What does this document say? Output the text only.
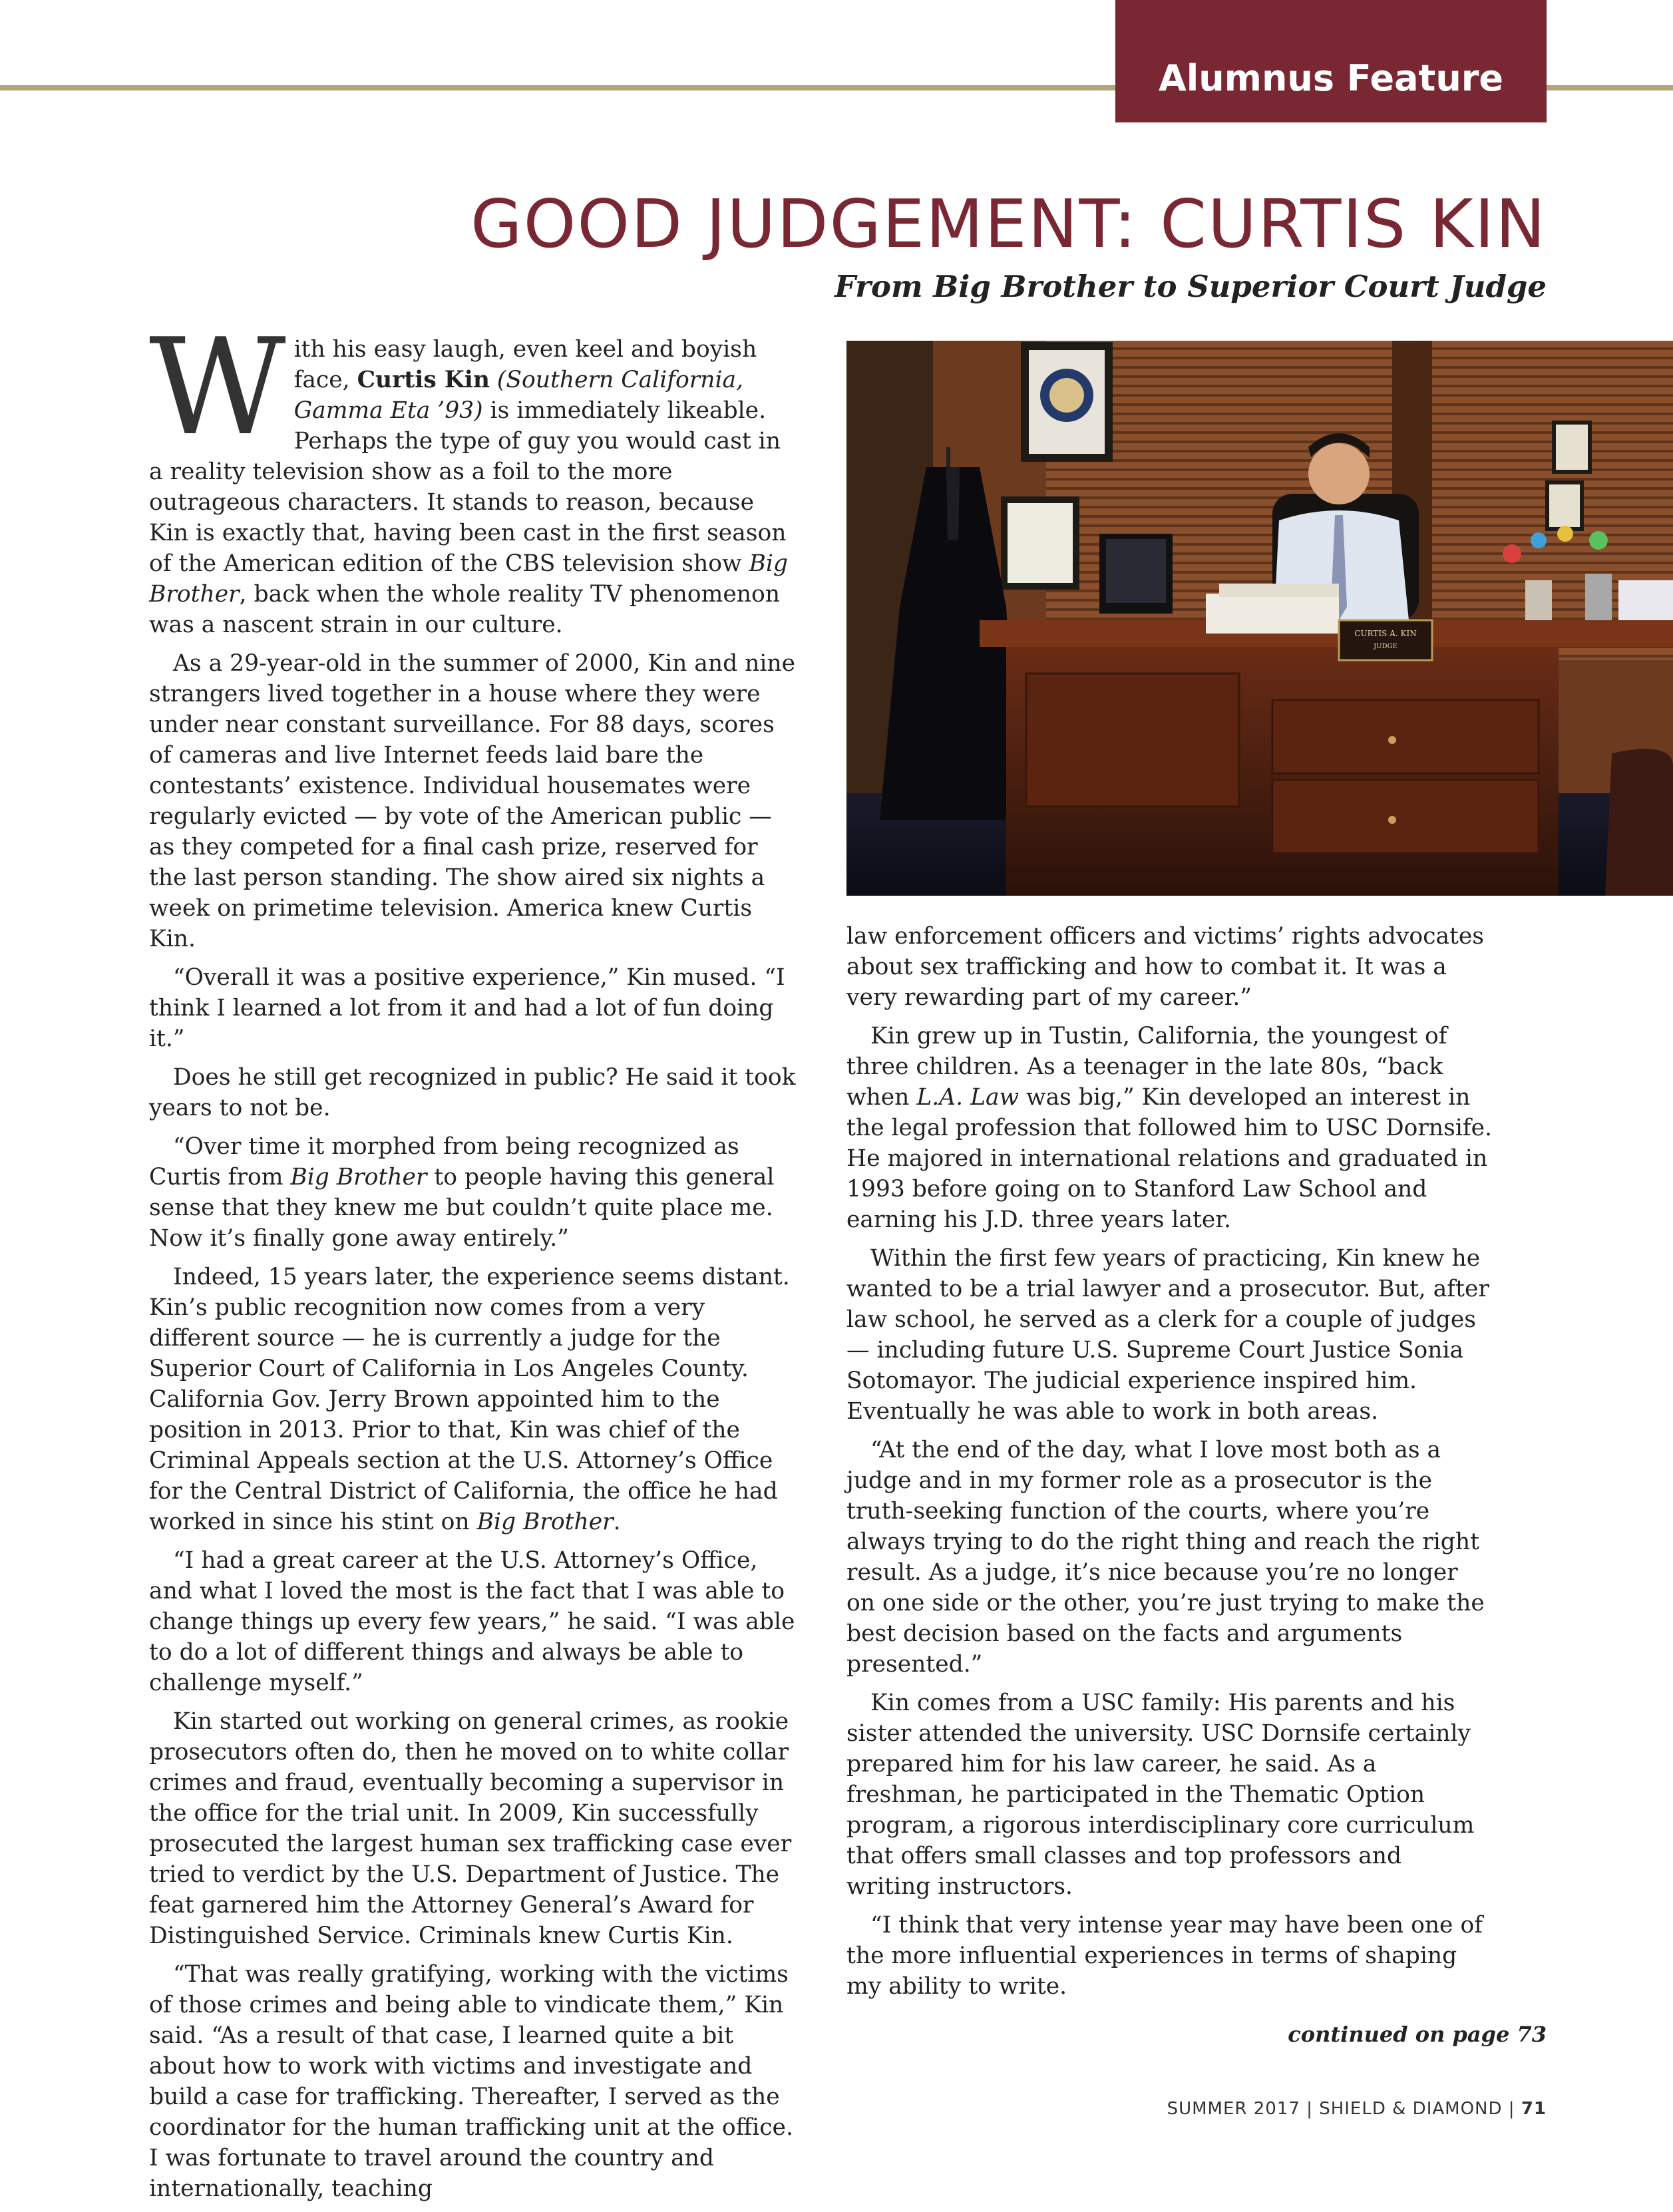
Alumnus Feature
GOOD JUDGEMENT: CURTIS KIN
From Big Brother to Superior Court Judge

With his easy laugh, even keel and boyish face, Curtis Kin (Southern California, Gamma Eta ’93) is immediately likeable. Perhaps the type of guy you would cast in a reality television show as a foil to the more outrageous characters. It stands to reason, because Kin is exactly that, having been cast in the first season of the American edition of the CBS television show Big Brother, back when the whole reality TV phenomenon was a nascent strain in our culture.

As a 29-year-old in the summer of 2000, Kin and nine strangers lived together in a house where they were under near constant surveillance. For 88 days, scores of cameras and live Internet feeds laid bare the contestants’ existence. Individual housemates were regularly evicted — by vote of the American public — as they competed for a final cash prize, reserved for the last person standing. The show aired six nights a week on primetime television. America knew Curtis Kin.

“Overall it was a positive experience,” Kin mused. “I think I learned a lot from it and had a lot of fun doing it.”

Does he still get recognized in public? He said it took years to not be.

“Over time it morphed from being recognized as Curtis from Big Brother to people having this general sense that they knew me but couldn’t quite place me. Now it’s finally gone away entirely.”

Indeed, 15 years later, the experience seems distant. Kin’s public recognition now comes from a very different source — he is currently a judge for the Superior Court of California in Los Angeles County. California Gov. Jerry Brown appointed him to the position in 2013. Prior to that, Kin was chief of the Criminal Appeals section at the U.S. Attorney’s Office for the Central District of California, the office he had worked in since his stint on Big Brother.

“I had a great career at the U.S. Attorney’s Office, and what I loved the most is the fact that I was able to change things up every few years,” he said. “I was able to do a lot of different things and always be able to challenge myself.”

Kin started out working on general crimes, as rookie prosecutors often do, then he moved on to white collar crimes and fraud, eventually becoming a supervisor in the office for the trial unit. In 2009, Kin successfully prosecuted the largest human sex trafficking case ever tried to verdict by the U.S. Department of Justice. The feat garnered him the Attorney General’s Award for Distinguished Service. Criminals knew Curtis Kin.

“That was really gratifying, working with the victims of those crimes and being able to vindicate them,” Kin said. “As a result of that case, I learned quite a bit about how to work with victims and investigate and build a case for trafficking. Thereafter, I served as the coordinator for the human trafficking unit at the office. I was fortunate to travel around the country and internationally, teaching

CURTIS A. KIN
JUDGE

law enforcement officers and victims’ rights advocates about sex trafficking and how to combat it. It was a very rewarding part of my career.”

Kin grew up in Tustin, California, the youngest of three children. As a teenager in the late 80s, “back when L.A. Law was big,” Kin developed an interest in the legal profession that followed him to USC Dornsife. He majored in international relations and graduated in 1993 before going on to Stanford Law School and earning his J.D. three years later.

Within the first few years of practicing, Kin knew he wanted to be a trial lawyer and a prosecutor. But, after law school, he served as a clerk for a couple of judges — including future U.S. Supreme Court Justice Sonia Sotomayor. The judicial experience inspired him. Eventually he was able to work in both areas.

“At the end of the day, what I love most both as a judge and in my former role as a prosecutor is the truth-seeking function of the courts, where you’re always trying to do the right thing and reach the right result. As a judge, it’s nice because you’re no longer on one side or the other, you’re just trying to make the best decision based on the facts and arguments presented.”

Kin comes from a USC family: His parents and his sister attended the university. USC Dornsife certainly prepared him for his law career, he said. As a freshman, he participated in the Thematic Option program, a rigorous interdisciplinary core curriculum that offers small classes and top professors and writing instructors.

“I think that very intense year may have been one of the more influential experiences in terms of shaping my ability to write.

continued on page 73
SUMMER 2017 | SHIELD & DIAMOND | 71
